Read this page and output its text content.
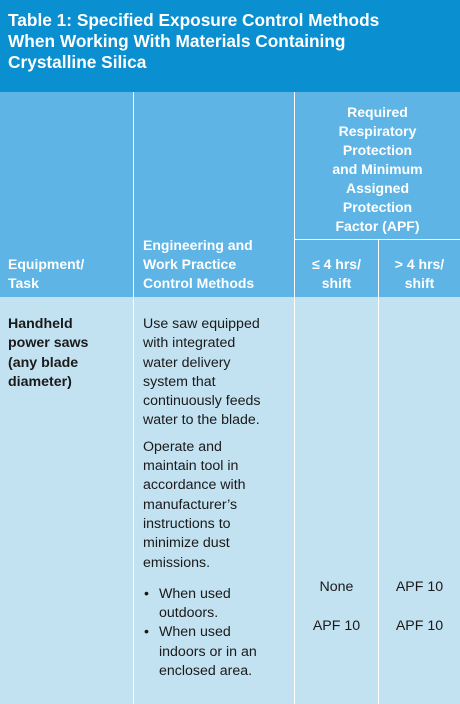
Table 1: Specified Exposure Control Methods
When Working With Materials Containing
Crystalline Silica
Equipment/
Task
Engineering and
Work Practice
Control Methods
Required
Respiratory
Protection
and Minimum
Assigned
Protection
Factor (APF)
≤ 4 hrs/
shift
> 4 hrs/
shift
Handheld
power saws
(any blade
diameter)
Use saw equipped
with integrated
water delivery
system that
continuously feeds
water to the blade.
Operate and
maintain tool in
accordance with
manufacturer’s
instructions to
minimize dust
emissions.
• When used
outdoors.
• When used
indoors or in an
enclosed area.
None	APF 10
APF 10	APF 10
